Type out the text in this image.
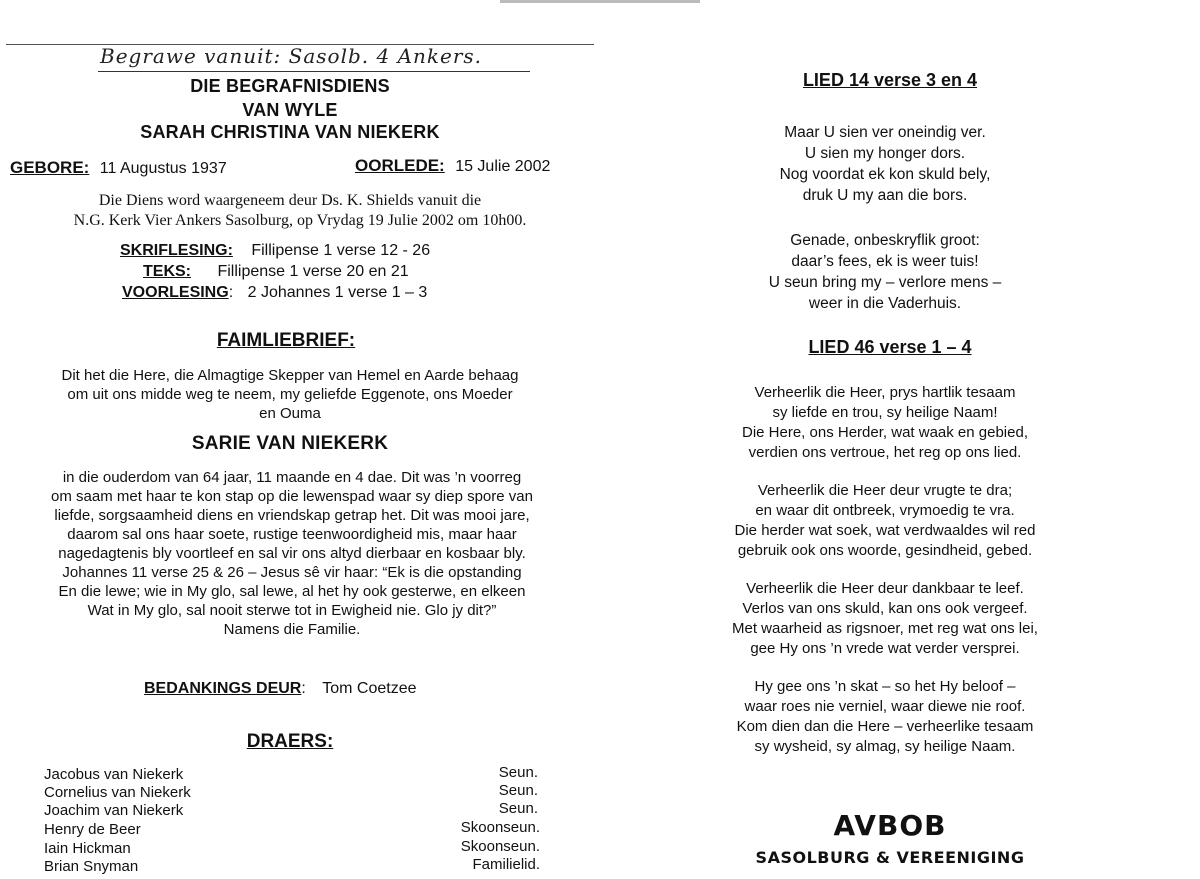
Begrawe vanuit: Sasolb. 4 Ankers.
DIE BEGRAFNISDIENS
VAN WYLE
SARAH CHRISTINA VAN NIEKERK
GEBORE: 11 Augustus 1937	OORLEDE: 15 Julie 2002
Die Diens word waargeneem deur Ds. K. Shields vanuit die
N.G. Kerk Vier Ankers Sasolburg, op Vrydag 19 Julie 2002 om 10h00.
SKRIFLESING: Fillipense 1 verse 12 - 26
TEKS: Fillipense 1 verse 20 en 21
VOORLESING: 2 Johannes 1 verse 1 – 3
FAIMLIEBRIEF:
Dit het die Here, die Almagtige Skepper van Hemel en Aarde behaag
om uit ons midde weg te neem, my geliefde Eggenote, ons Moeder
en Ouma
SARIE VAN NIEKERK
in die ouderdom van 64 jaar, 11 maande en 4 dae. Dit was ’n voorreg
om saam met haar te kon stap op die lewenspad waar sy diep spore van
liefde, sorgsaamheid diens en vriendskap getrap het. Dit was mooi jare,
daarom sal ons haar soete, rustige teenwoordigheid mis, maar haar
nagedagtenis bly voortleef en sal vir ons altyd dierbaar en kosbaar bly.
Johannes 11 verse 25 & 26 – Jesus sê vir haar: “Ek is die opstanding
En die lewe; wie in My glo, sal lewe, al het hy ook gesterwe, en elkeen
Wat in My glo, sal nooit sterwe tot in Ewigheid nie. Glo jy dit?”
Namens die Familie.
BEDANKINGS DEUR: Tom Coetzee
DRAERS:
Jacobus van Niekerk	Seun.
Cornelius van Niekerk	Seun.
Joachim van Niekerk	Seun.
Henry de Beer	Skoonseun.
Iain Hickman	Skoonseun.
Brian Snyman	Familielid.
LIED 14 verse 3 en 4
Maar U sien ver oneindig ver.
U sien my honger dors.
Nog voordat ek kon skuld bely,
druk U my aan die bors.
Genade, onbeskryflik groot:
daar’s fees, ek is weer tuis!
U seun bring my – verlore mens –
weer in die Vaderhuis.
LIED 46 verse 1 – 4
Verheerlik die Heer, prys hartlik tesaam
sy liefde en trou, sy heilige Naam!
Die Here, ons Herder, wat waak en gebied,
verdien ons vertroue, het reg op ons lied.
Verheerlik die Heer deur vrugte te dra;
en waar dit ontbreek, vrymoedig te vra.
Die herder wat soek, wat verdwaaldes wil red
gebruik ook ons woorde, gesindheid, gebed.
Verheerlik die Heer deur dankbaar te leef.
Verlos van ons skuld, kan ons ook vergeef.
Met waarheid as rigsnoer, met reg wat ons lei,
gee Hy ons ’n vrede wat verder versprei.
Hy gee ons ’n skat – so het Hy beloof –
waar roes nie verniel, waar diewe nie roof.
Kom dien dan die Here – verheerlike tesaam
sy wysheid, sy almag, sy heilige Naam.
AVBOB
SASOLBURG & VEREENIGING
